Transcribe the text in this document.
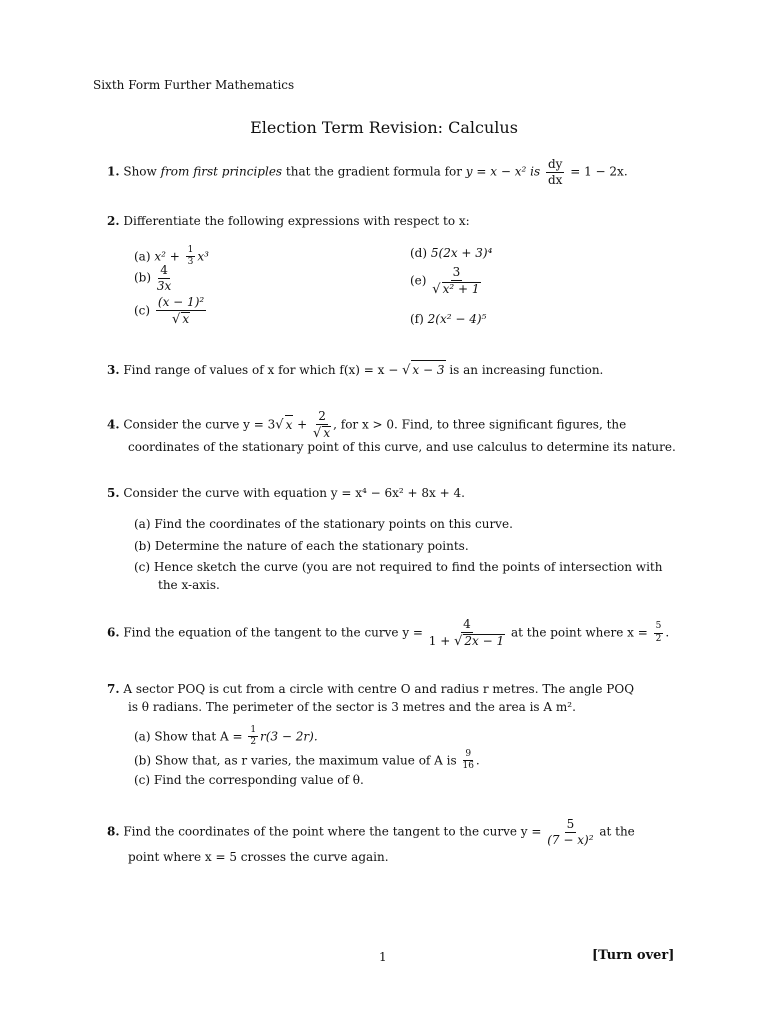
Sixth Form Further Mathematics
Election Term Revision: Calculus
1. Show from first principles that the gradient formula for y = x − x² is $\frac{dy}{dx} = 1 - 2x$.
2. Differentiate the following expressions with respect to x:
(a) $x^2 + \frac{1}{3} x^3$
$(b) \frac{4}{3x}$
$(c) \frac{\text{(x − 1)²}}{√ x}$
(d) 5(2x + 3)⁴
$(e) \frac{3}{\text{√ x² + 1}}$
(f) 2(x² − 4)⁵
3. Find range of values of x for which f(x) = x − √ x − 3 is an increasing function.
4. Consider the curve y = 3√ $x + \frac{2}{√ x}$ , for x > 0. Find, to three significant figures, the
coordinates of the stationary point of this curve, and use calculus to determine its nature.
5. Consider the curve with equation y = x⁴ − 6x² + 8x + 4.
(a) Find the coordinates of the stationary points on this curve.
(b) Determine the nature of each the stationary points.
(c) Hence sketch the curve (you are not required to find the points of intersection with
the x-axis.
6. Find the equation of the tangent to the curve $y = \frac{4}{1 + √ 2x - 1}$ at the point where $x = \frac{5}{2}$ .
7. A sector POQ is cut from a circle with centre O and radius r metres. The angle POQ
is θ radians. The perimeter of the sector is 3 metres and the area is A m².
(a) Show that $A = \frac{1}{2} r(3 - 2r)$.
(b) Show that, as r varies, the maximum value of A is $\frac{9}{16}$ .
(c) Find the corresponding value of θ.
8. Find the coordinates of the point where the tangent to the curve $y = \frac{5}{\text{(7 − x)²}}$ at the
point where x = 5 crosses the curve again.
1	[Turn over]
